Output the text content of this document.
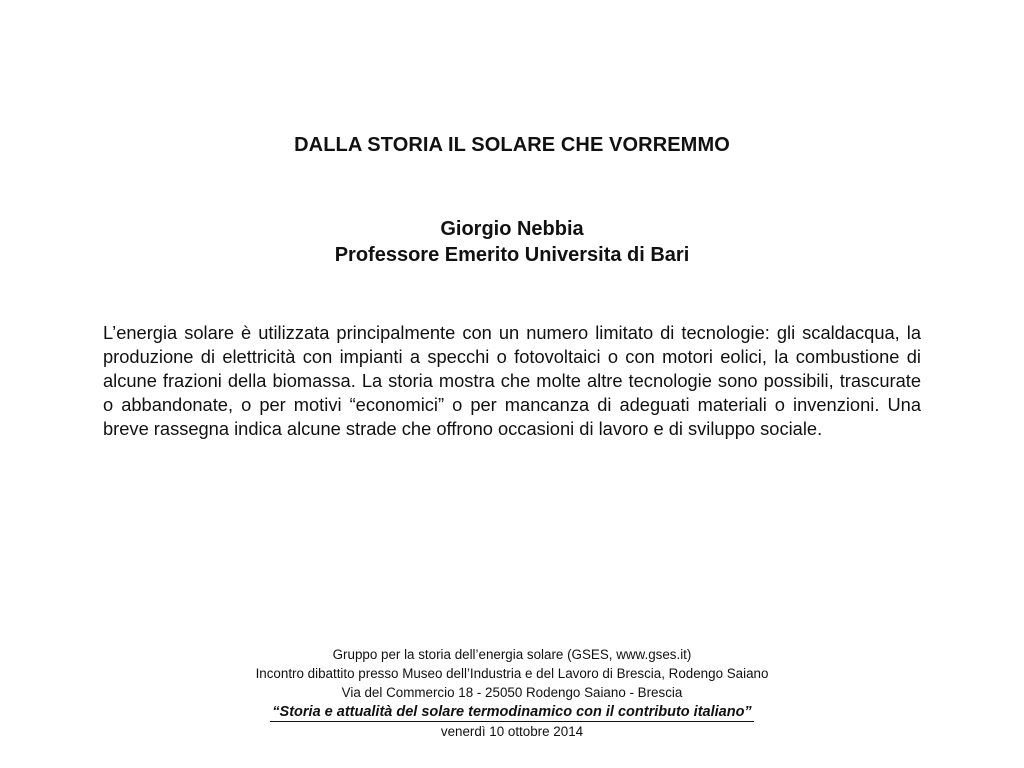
DALLA STORIA IL SOLARE CHE VORREMMO
Giorgio Nebbia
Professore Emerito Universita di Bari

L’energia solare è utilizzata principalmente con un numero limitato di tecnologie: gli scaldacqua, la produzione di elettricità con impianti a specchi o fotovoltaici o con motori eolici, la combustione di alcune frazioni della biomassa. La storia mostra che molte altre tecnologie sono possibili, trascurate o abbandonate, o per motivi “economici” o per mancanza di adeguati materiali o invenzioni. Una breve rassegna indica alcune strade che offrono occasioni di lavoro e di sviluppo sociale.

Gruppo per la storia dell’energia solare (GSES, www.gses.it)
Incontro dibattito presso Museo dell’Industria e del Lavoro di Brescia, Rodengo Saiano
Via del Commercio 18 - 25050 Rodengo Saiano - Brescia
“Storia e attualità del solare termodinamico con il contributo italiano”
venerdì 10 ottobre 2014
